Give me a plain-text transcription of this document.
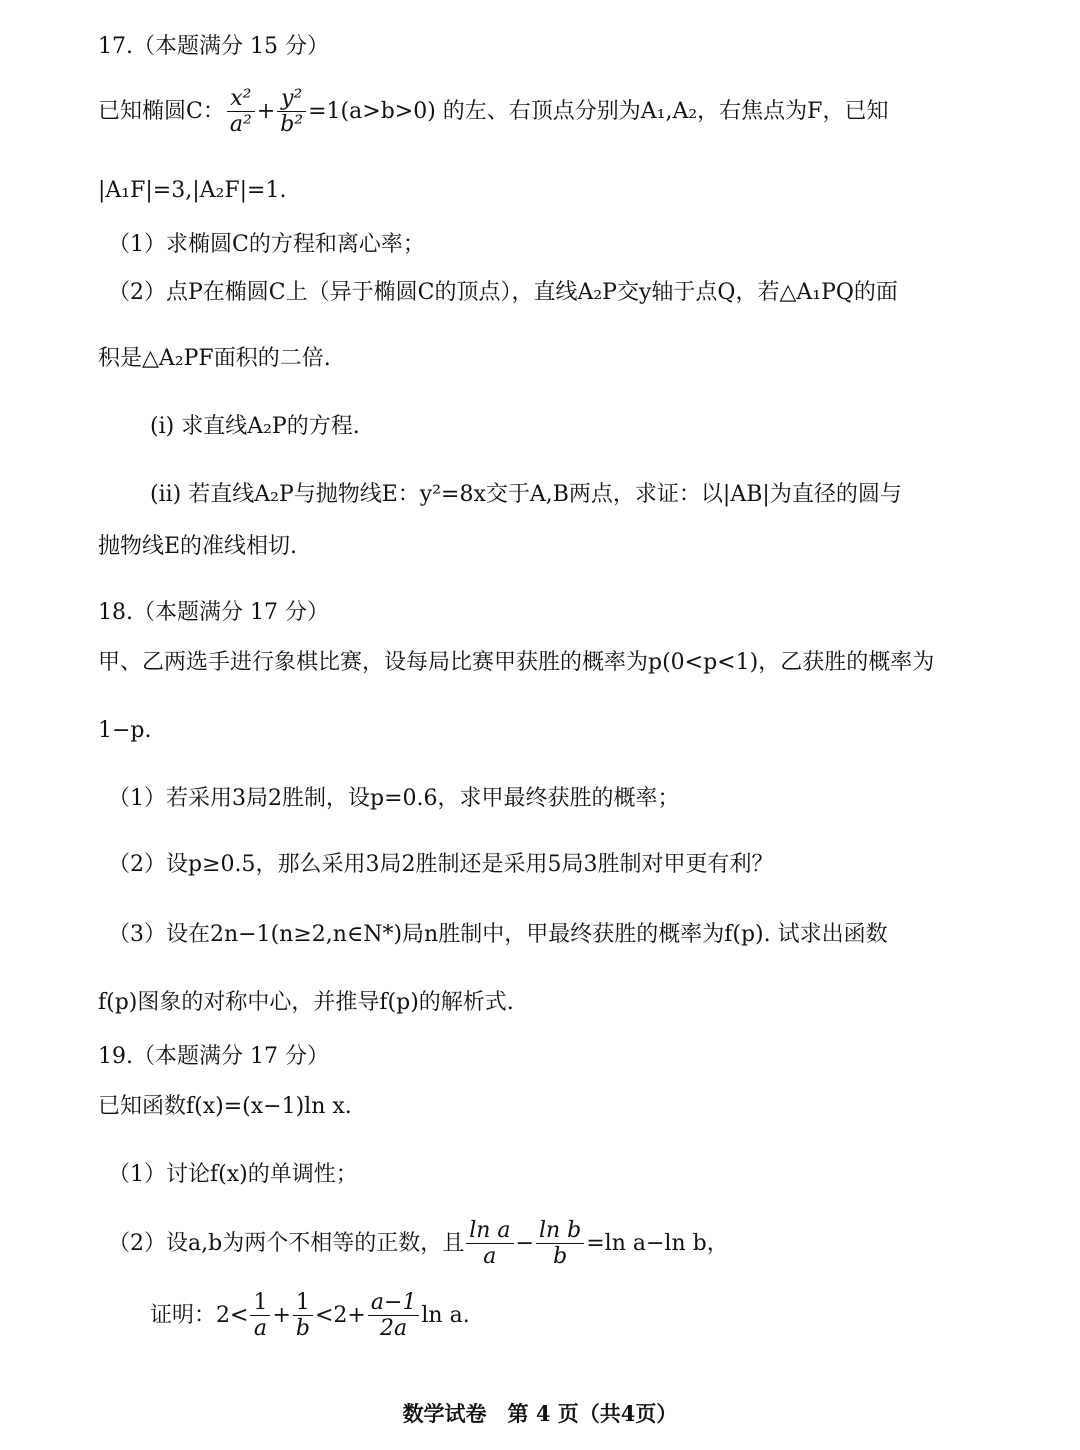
17.（本题满分 15 分）
已知椭圆C： $\frac{\text{x²}}{\text{a²}} + \frac{\text{y²}}{\text{b²}} =1(a>b>0)$ 的左、右顶点分别为A₁,A₂，右焦点为F，已知
|A₁F|=3,|A₂F|=1.
（1）求椭圆C的方程和离心率；
（2）点P在椭圆C上（异于椭圆C的顶点），直线A₂P交y轴于点Q，若△A₁PQ的面
积是△A₂PF面积的二倍.
(i) 求直线A₂P的方程.
(ii) 若直线A₂P与抛物线E：y²=8x交于A,B两点，求证：以|AB|为直径的圆与
抛物线E的准线相切.
18.（本题满分 17 分）
甲、乙两选手进行象棋比赛，设每局比赛甲获胜的概率为p(0<p<1)，乙获胜的概率为
1−p.
（1）若采用3局2胜制，设p=0.6，求甲最终获胜的概率；
（2）设p≥0.5，那么采用3局2胜制还是采用5局3胜制对甲更有利？
（3）设在2n−1(n≥2,n∈N*)局n胜制中，甲最终获胜的概率为f(p). 试求出函数
f(p)图象的对称中心，并推导f(p)的解析式.
19.（本题满分 17 分）
已知函数f(x)=(x−1)ln x.
（1）讨论f(x)的单调性；
（2）设a,b为两个不相等的正数，且 $\frac{\text{ln a}}{a} - \frac{\text{ln b}}{b} =\ln$ a−ln b，
证明：$2< \frac{1}{a} + \frac{1}{b} <2+ \frac{a-1}{2a}$ ln a.
数学试卷　第 4 页（共4页）
